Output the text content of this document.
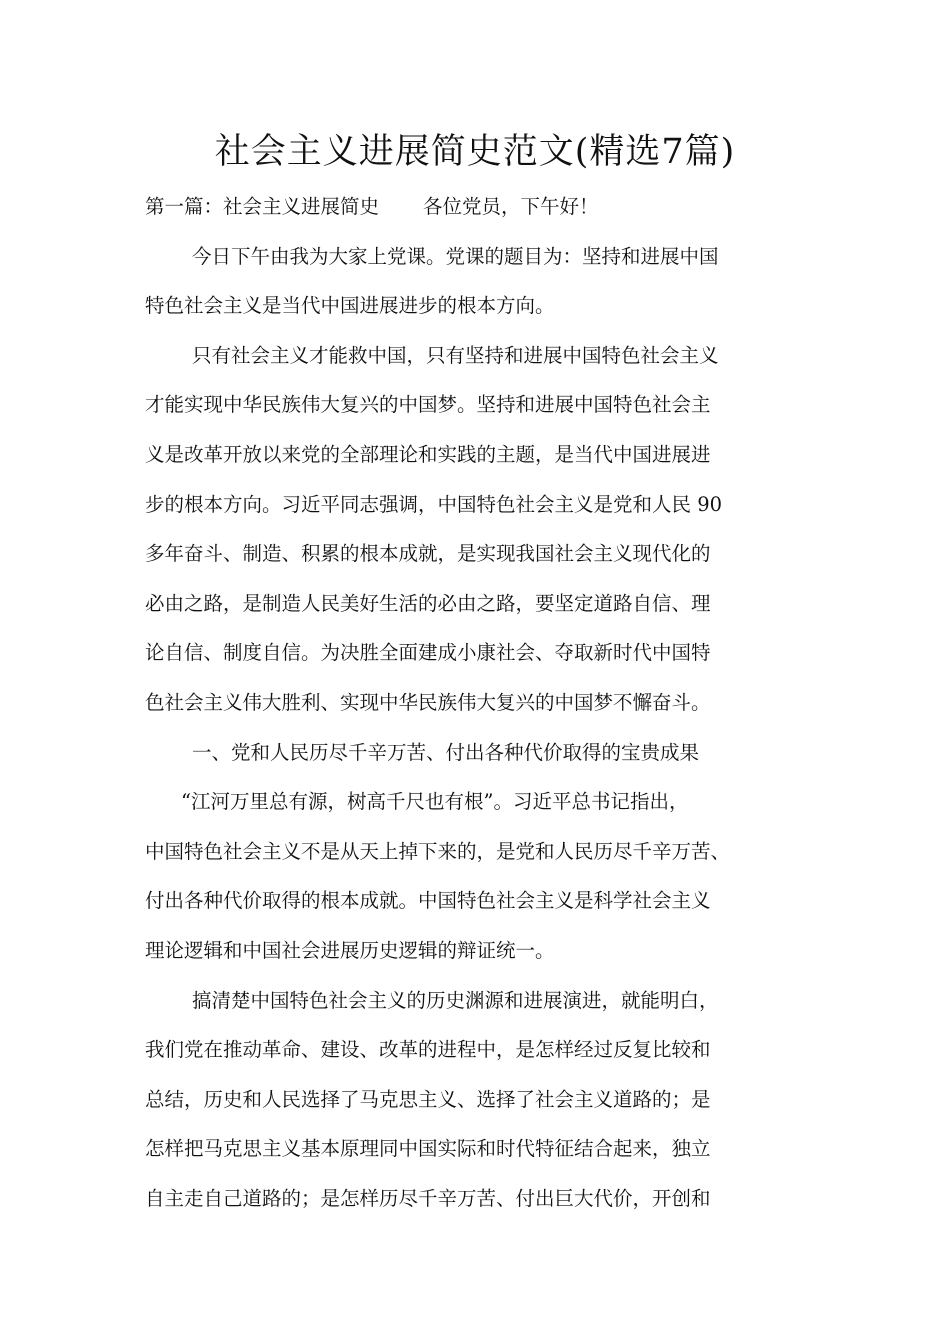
社会主义进展简史范文(精选7篇)

第一篇：社会主义进展简史 各位党员，下午好！

今日下午由我为大家上党课。党课的题目为：坚持和进展中国

特色社会主义是当代中国进展进步的根本方向。

只有社会主义才能救中国，只有坚持和进展中国特色社会主义

才能实现中华民族伟大复兴的中国梦。坚持和进展中国特色社会主

义是改革开放以来党的全部理论和实践的主题，是当代中国进展进

步的根本方向。习近平同志强调，中国特色社会主义是党和人民 90

多年奋斗、制造、积累的根本成就，是实现我国社会主义现代化的

必由之路，是制造人民美好生活的必由之路，要坚定道路自信、理

论自信、制度自信。为决胜全面建成小康社会、夺取新时代中国特

色社会主义伟大胜利、实现中华民族伟大复兴的中国梦不懈奋斗。

一、党和人民历尽千辛万苦、付出各种代价取得的宝贵成果

“江河万里总有源，树高千尺也有根”。习近平总书记指出，

中国特色社会主义不是从天上掉下来的，是党和人民历尽千辛万苦、

付出各种代价取得的根本成就。中国特色社会主义是科学社会主义

理论逻辑和中国社会进展历史逻辑的辩证统一。

搞清楚中国特色社会主义的历史渊源和进展演进，就能明白，

我们党在推动革命、建设、改革的进程中，是怎样经过反复比较和

总结，历史和人民选择了马克思主义、选择了社会主义道路的；是

怎样把马克思主义基本原理同中国实际和时代特征结合起来，独立

自主走自己道路的；是怎样历尽千辛万苦、付出巨大代价，开创和
